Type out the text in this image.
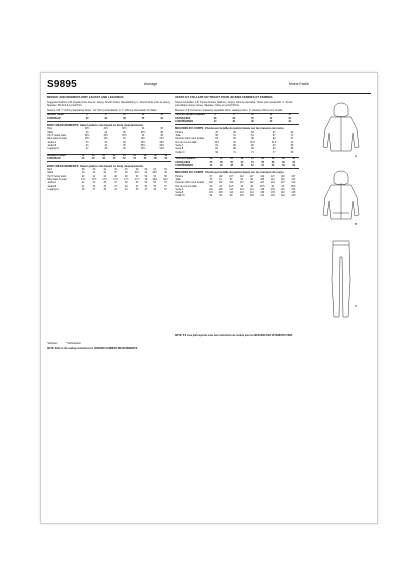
S9895	Average	Moins Facile
MISSES' AND WOMEN'S KNIT JACKET AND LEGGINGS:
Suggested Fabrics: A,B: Double Knits, Fleece, Jersey, Stretch Velvet, Sweatshirting. C: Stretch Knits such as Jersey, Spandex, Rib Knit & Lycra®/Knit.
Notions: A,B: 7" (18cm) Separating Zipper, 1/4" (6mm) wide Elastic. C: 1" (25mm) wide Elastic for Waist.
MISSES' SIZES	6	8	10	12	14
EUROPEAN	34	36	38	40	42
BODY MEASUREMENTS: Select pattern size based on body measurements.
Bust	30½	31½	32½	34	36
Waist	23	24	25	26½	28
Hip 9" below waist	32½	33½	34½	36	38
Back waist to waist	15½	15¾	16	16¼	16½
Jacket A	33	34	35	36½	38½
Jacket B	33	34	35	36½	38½
Leggings C	27	28	29	30½	32½
WOMEN'S SIZES	16	18	20	22	24	26	28	30	32
EUROPEAN	44	46	48	50	52	54	56	58	60
BODY MEASUREMENTS: Select pattern size based on body measurements.
Bust	38	40	42	44	46	48	50	52	54
Waist	30	32	34	37	39	41½	44	46½	49
Hip 9" below waist	40	42	44	46	48	50	52	54	56
Back waist to waist	17¼	17⅜	17½	17⅝	17¾	17⅞	18	18⅛	18¼
Jacket A	41	43	45	47	49	51	53	55	57
Jacket B	41	43	45	47	49	51	53	55	57
Leggings C	35	37	39	41	43	45	47	49	51
VESTE ET COLLANT EN TRICOT POUR JEUNES FEMMES ET FEMMES:
Tissus Conseillés: A,B: Tricots doubles, Molleton, Jersey, Velours extensible, Tissus pour sweat-shirt. C: Tricots extensibles comme Jersey, Spandex, Côtes et Lycra®/Tricot.
Mercerie: A,B: Fermeture à glissière séparable 18cm, élastique 6mm. C: élastique 25mm pour la taille.
TAILLES JEUNES FEMMES	6	8	10	12	14
FRANÇAISES	36	38	40	42	44
EUROPÉENNES	34	36	38	40	42
MESURES DU CORPS: Choisissez la taille du patron basée sur les mesures du corps.
Poitrine	78	80	83	87	92
Taille	58	61	64	67	71
Hanches 23cm sous la taille	83	85	88	92	97
Dos de cou à la taille	39.5	40	40.5	41.5	42
Veste A	84	86	89	93	98
Veste B	84	86	89	93	98
Collant C	69	71	74	77	83
TAILLES FEMMES	16	18	20	22	24	26	28	30	32
FRANÇAISES	46	48	50	52	54	56	58	60	62
EUROPÉENNES	44	46	48	50	52	54	56	58	60
MESURES DU CORPS: Choisissez la taille du patron basée sur les mesures du corps.
Poitrine	97	102	107	112	117	122	127	132	137
Taille	76	81	87	94	99	105	112	118	124
Hanches 23cm sous la taille	102	107	112	117	122	127	132	137	142
Dos de cou à la taille	44	44	44.5	45	45	45.5	46	46	46.5
Veste A	104	109	114	119	124	130	135	140	145
Veste B	104	109	114	119	124	130	135	140	145
Collant C	89	94	99	104	109	114	119	124	130
*with/avec	**without/sans
NOTE: Refer to the sewing instructions for FINISHED GARMENT MEASUREMENTS.
NOTE: S'il vous plaît reportez-vous aux instructions de couture pour les MESURES DES VÊTEMENTS FINIS.
A
B
C
